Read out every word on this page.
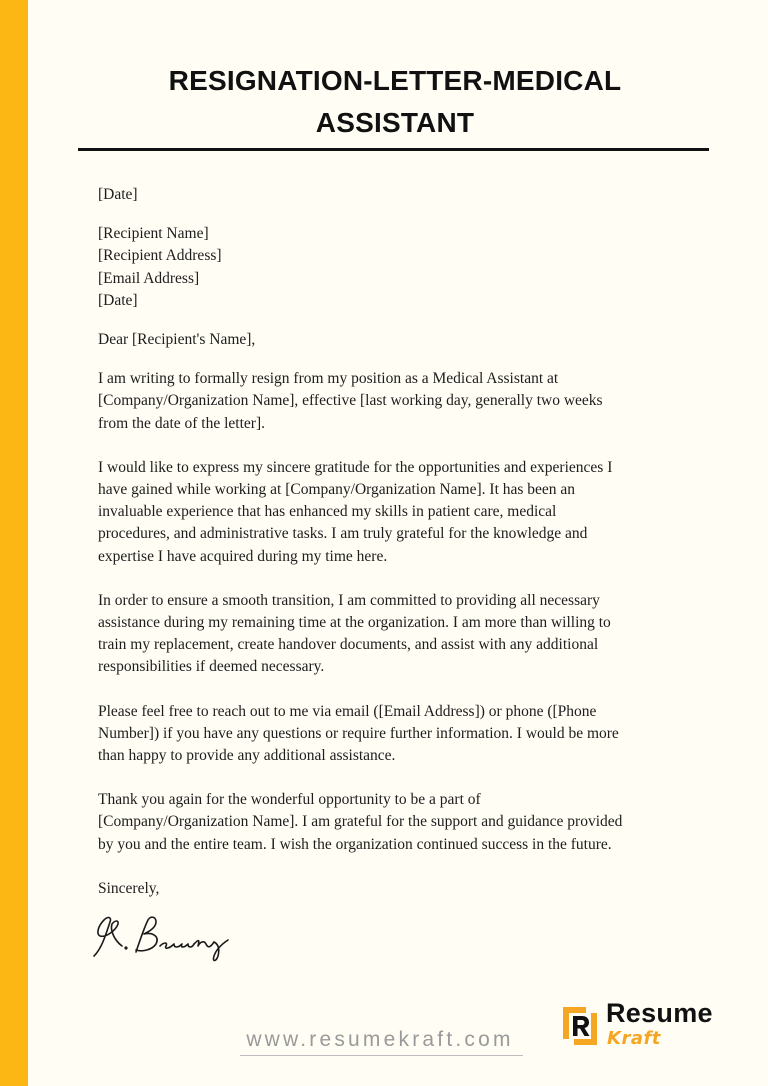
RESIGNATION-LETTER-MEDICAL
ASSISTANT

[Date]

[Recipient Name]
[Recipient Address]
[Email Address]
[Date]

Dear [Recipient's Name],

I am writing to formally resign from my position as a Medical Assistant at
[Company/Organization Name], effective [last working day, generally two weeks
from the date of the letter].
I would like to express my sincere gratitude for the opportunities and experiences I
have gained while working at [Company/Organization Name]. It has been an
invaluable experience that has enhanced my skills in patient care, medical
procedures, and administrative tasks. I am truly grateful for the knowledge and
expertise I have acquired during my time here.
In order to ensure a smooth transition, I am committed to providing all necessary
assistance during my remaining time at the organization. I am more than willing to
train my replacement, create handover documents, and assist with any additional
responsibilities if deemed necessary.
Please feel free to reach out to me via email ([Email Address]) or phone ([Phone
Number]) if you have any questions or require further information. I would be more
than happy to provide any additional assistance.
Thank you again for the wonderful opportunity to be a part of
[Company/Organization Name]. I am grateful for the support and guidance provided
by you and the entire team. I wish the organization continued success in the future.

Sincerely,

www.resumekraft.com
Resume
Kraft
